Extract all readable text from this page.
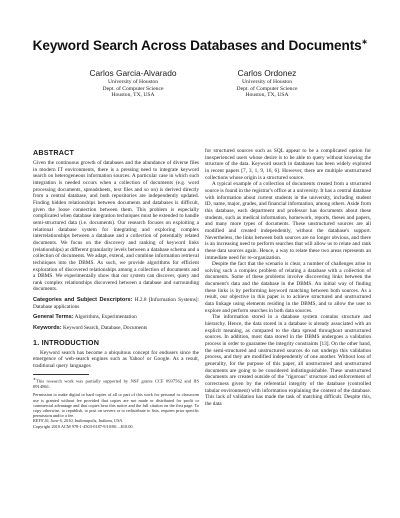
Keyword Search Across Databases and Documents∗
Carlos Garcia-Alvarado
University of Houston
Dept. of Computer Science
Houston, TX, USA
Carlos Ordonez
University of Houston
Dept. of Computer Science
Houston, TX, USA
ABSTRACT

Given the continuous growth of databases and the abundance of diverse files in modern IT environments, there is a pressing need to integrate keyword search on heterogeneous information sources. A particular case in which such integration is needed occurs when a collection of documents (e.g. word processing documents, spreadsheets, text files and so on) is derived directly from a central database, and both repositories are independently updated. Finding hidden relationships between documents and databases is difficult, given the loose connection between them. This problem is especially complicated when database integration techniques must be extended to handle semi-structured data (i.e. documents). Our research focuses on exploiting a relational database system for integrating and exploring complex interrelationships between a database and a collection of potentially related documents. We focus on the discovery and ranking of keyword links (relationships) at different granularity levels between a database schema and a collection of documents. We adapt, extend, and combine information retrieval techniques into the DBMS. As such, we provide algorithms for efficient exploration of discovered relationships among a collection of documents and a DBMS. We experimentally show that our system can discover, query and rank complex relationships discovered between a database and surrounding documents.

Categories and Subject Descriptors: H.2.8 [Information Systems]: Database applications

General Terms: Algorithms, Experimentation

Keywords: Keyword Search, Database, Documents

1. INTRODUCTION

Keyword search has become a ubiquitous concept for endusers since the emergence of web-search engines such as Yahoo! or Google. As a result, traditional query languages

∗This research work was partially supported by NSF grants CCF 0937562 and IIS 0914861.
Permission to make digital or hard copies of all or part of this work for personal or classroom use is granted without fee provided that copies are not made or distributed for profit or commercial advantage and that copies bear this notice and the full citation on the first page. To copy otherwise, to republish, to post on servers or to redistribute to lists, requires prior specific permission and/or a fee.
KEYS'10, June 6, 2010, Indianapolis, Indiana, USA.
Copyright 2010 ACM 978-1-4503-0187-9/10/06 ...$10.00.

for structured sources such as SQL appear to be a complicated option for inexperienced users whose desire is to be able to query without knowing the structure of the data. Keyword search in databases has been widely explored in recent papers [7, 3, 1, 9, 16, 6]. However, there are multiple unstructured collections whose origin is a structured source.

A typical example of a collection of documents created from a structured source is found in the registrar's office at a university. It has a central database with information about current students in the university, including student ID, name, major, grades, and financial information, among others. Aside from this database, each department and professor has documents about these students, such as medical information, homework, reports, theses and papers, and many more types of documents. These unstructured sources are all modified and created independently, without the database's support. Nevertheless, the links between both sources are no longer obvious, and there is an increasing need to perform searches that will allow us to relate and rank these data sources again. Hence, a way to relate these two areas represents an immediate need for re-organization.

Despite the fact that the scenario is clear, a number of challenges arise in solving such a complex problem of relating a database with a collection of documents. Some of these problems involve discovering links between the document's data and the database in the DBMS. An initial way of finding these links is by performing keyword matching between both sources. As a result, our objective in this paper is to achieve structured and unstructured data linkage using elements residing in the DBMS, and to allow the user to explore and perform searches in both data sources.

The information stored in a database system contains structure and hierarchy. Hence, the data stored in a database is already associated with an explicit meaning, as compared to the data spread throughout unstructured sources. In addition, most data stored in the DBMS undergoes a validation process in order to guarantee the integrity constraints [13]. On the other hand, the semi-structured and unstructured sources do not undergo this validation process, and they are modified independently of one another. Without loss of generality, for the purpose of this paper, all unstructured and unstructured documents are going to be considered indistinguishable. These unstructured documents are created outside of the "rigorous" structure and enforcement of correctness given by the referential integrity of the database (controlled tabular environment) with information explaining the content of the database. This lack of validation has made the task of matching difficult. Despite this, the data
